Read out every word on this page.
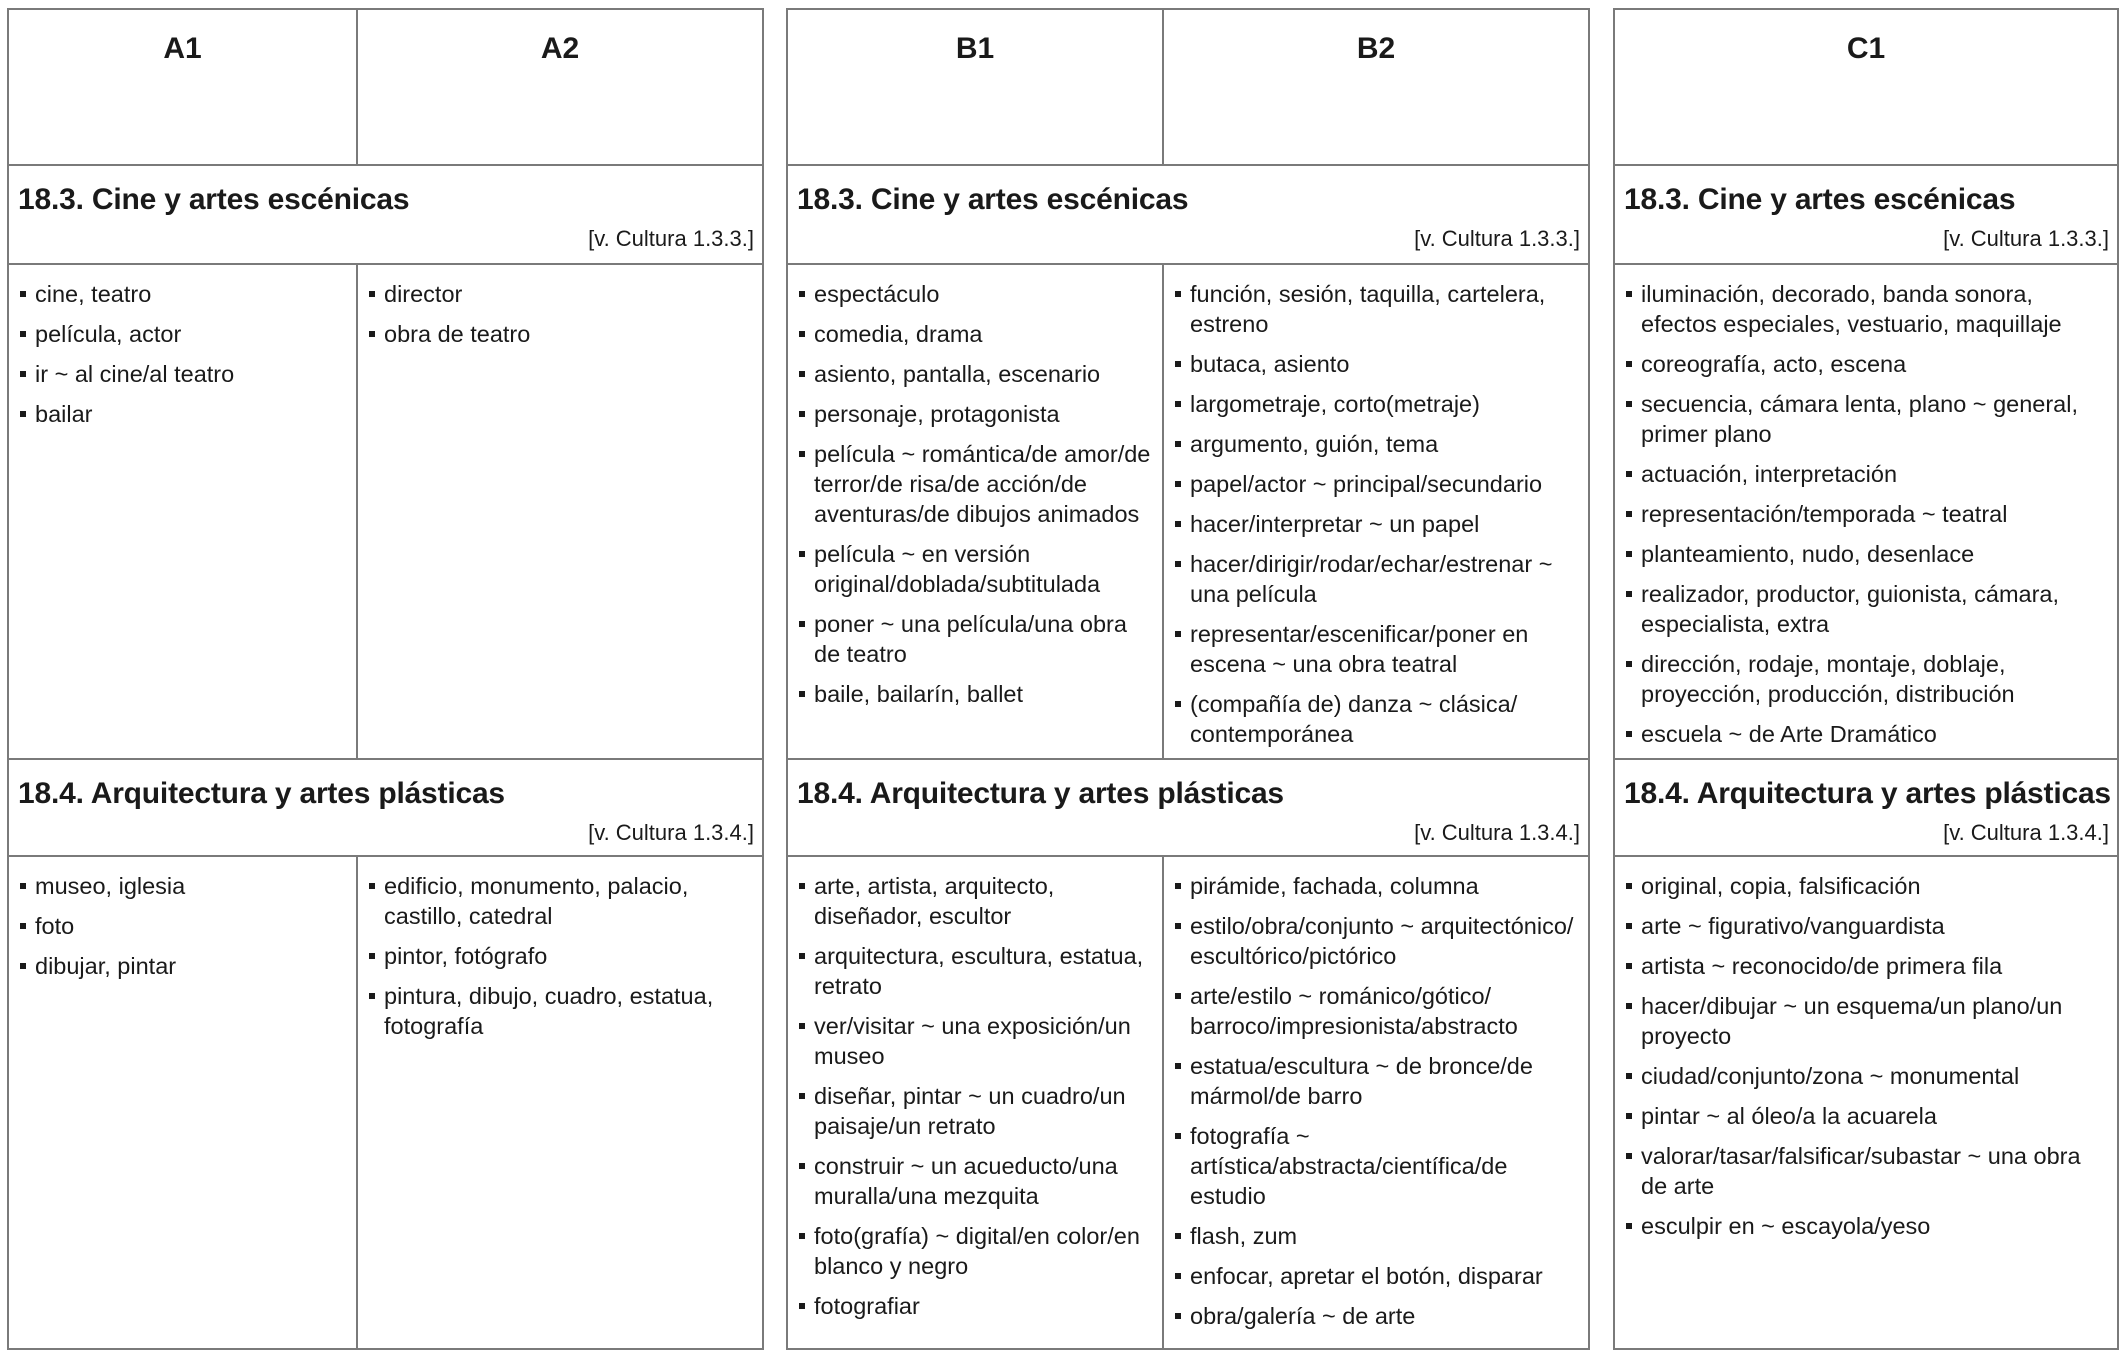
A1	A2
18.3. Cine y artes escénicas
[v. Cultura 1.3.3.]
cine, teatro
película, actor
ir ~ al cine/al teatro
bailar
director
obra de teatro
18.4. Arquitectura y artes plásticas
[v. Cultura 1.3.4.]
museo, iglesia
foto
dibujar, pintar
edificio, monumento, palacio, castillo, catedral
pintor, fotógrafo
pintura, dibujo, cuadro, estatua, fotografía
B1	B2
18.3. Cine y artes escénicas
[v. Cultura 1.3.3.]
espectáculo
comedia, drama
asiento, pantalla, escenario
personaje, protagonista
película ~ romántica/de amor/de terror/de risa/de acción/de aventuras/de dibujos animados
película ~ en versión original/doblada/subtitulada
poner ~ una película/una obra de teatro
baile, bailarín, ballet
función, sesión, taquilla, cartelera, estreno
butaca, asiento
largometraje, corto(metraje)
argumento, guión, tema
papel/actor ~ principal/secundario
hacer/interpretar ~ un papel
hacer/dirigir/rodar/echar/estrenar ~ una película
representar/escenificar/poner en escena ~ una obra teatral
(compañía de) danza ~ clásica/ contemporánea
18.4. Arquitectura y artes plásticas
[v. Cultura 1.3.4.]
arte, artista, arquitecto, diseñador, escultor
arquitectura, escultura, estatua, retrato
ver/visitar ~ una exposición/un museo
diseñar, pintar ~ un cuadro/un paisaje/un retrato
construir ~ un acueducto/una muralla/una mezquita
foto(grafía) ~ digital/en color/en blanco y negro
fotografiar
pirámide, fachada, columna
estilo/obra/conjunto ~ arquitectónico/ escultórico/pictórico
arte/estilo ~ románico/gótico/ barroco/impresionista/abstracto
estatua/escultura ~ de bronce/de mármol/de barro
fotografía ~ artística/abstracta/científica/de estudio
flash, zum
enfocar, apretar el botón, disparar
obra/galería ~ de arte
C1
18.3. Cine y artes escénicas
[v. Cultura 1.3.3.]
iluminación, decorado, banda sonora, efectos especiales, vestuario, maquillaje
coreografía, acto, escena
secuencia, cámara lenta, plano ~ general, primer plano
actuación, interpretación
representación/temporada ~ teatral
planteamiento, nudo, desenlace
realizador, productor, guionista, cámara, especialista, extra
dirección, rodaje, montaje, doblaje, proyección, producción, distribución
escuela ~ de Arte Dramático
18.4. Arquitectura y artes plásticas
[v. Cultura 1.3.4.]
original, copia, falsificación
arte ~ figurativo/vanguardista
artista ~ reconocido/de primera fila
hacer/dibujar ~ un esquema/un plano/un proyecto
ciudad/conjunto/zona ~ monumental
pintar ~ al óleo/a la acuarela
valorar/tasar/falsificar/subastar ~ una obra de arte
esculpir en ~ escayola/yeso
